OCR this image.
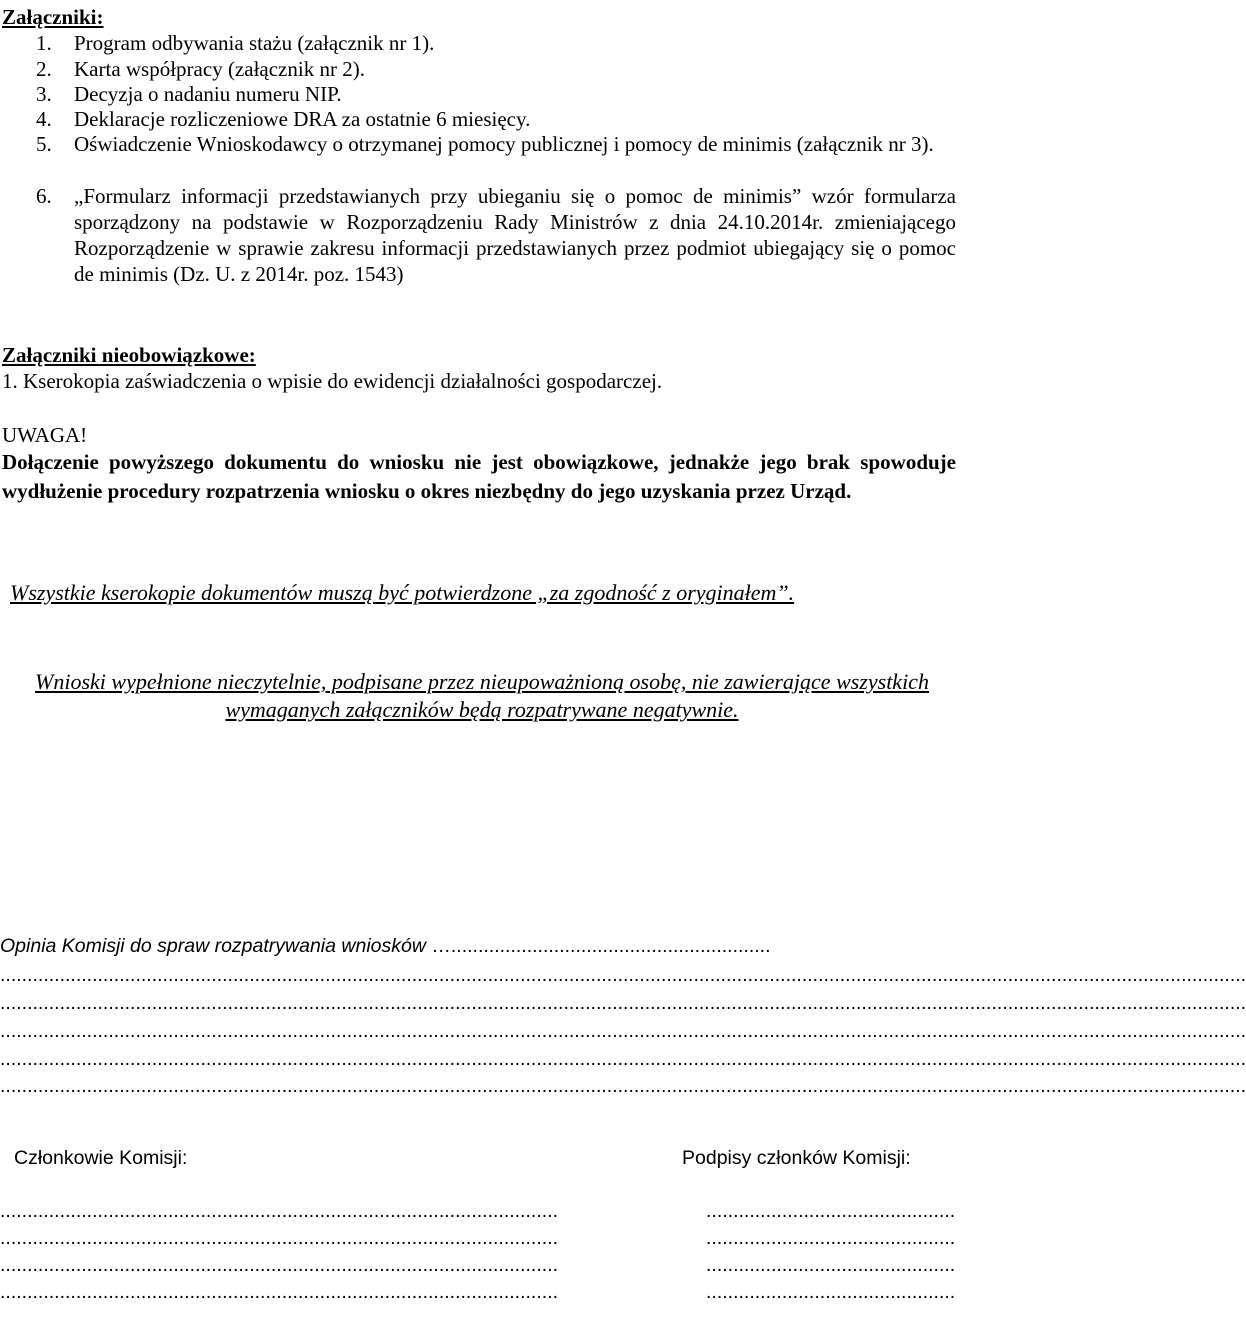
Załączniki:
1. Program odbywania stażu (załącznik nr 1).
2. Karta współpracy (załącznik nr 2).
3. Decyzja o nadaniu numeru NIP.
4. Deklaracje rozliczeniowe DRA za ostatnie 6 miesięcy.
5. Oświadczenie Wnioskodawcy o otrzymanej pomocy publicznej i pomocy de minimis (załącznik nr 3).
6. „Formularz informacji przedstawianych przy ubieganiu się o pomoc de minimis” wzór formularza sporządzony na podstawie w Rozporządzeniu Rady Ministrów z dnia 24.10.2014r. zmieniającego Rozporządzenie w sprawie zakresu informacji przedstawianych przez podmiot ubiegający się o pomoc de minimis (Dz. U. z 2014r. poz. 1543)
Załączniki nieobowiązkowe:
1. Kserokopia zaświadczenia o wpisie do ewidencji działalności gospodarczej.
UWAGA!
Dołączenie powyższego dokumentu do wniosku nie jest obowiązkowe, jednakże jego brak spowoduje wydłużenie procedury rozpatrzenia wniosku o okres niezbędny do jego uzyskania przez Urząd.
Wszystkie kserokopie dokumentów muszą być potwierdzone „za zgodność z oryginałem”.
Wnioski wypełnione nieczytelnie, podpisane przez nieupoważnioną osobę, nie zawierające wszystkich wymaganych załączników będą rozpatrywane negatywnie.
Opinia Komisji do spraw rozpatrywania wniosków …...........................................................
......................................................................................................................................................................................................................................
......................................................................................................................................................................................................................................
......................................................................................................................................................................................................................................
......................................................................................................................................................................................................................................
......................................................................................................................................................................................................................................
Członkowie Komisji:	Podpisy członków Komisji:
.......................................................................................................
.......................................................................................................
.......................................................................................................
.......................................................................................................
..............................................
..............................................
..............................................
..............................................
